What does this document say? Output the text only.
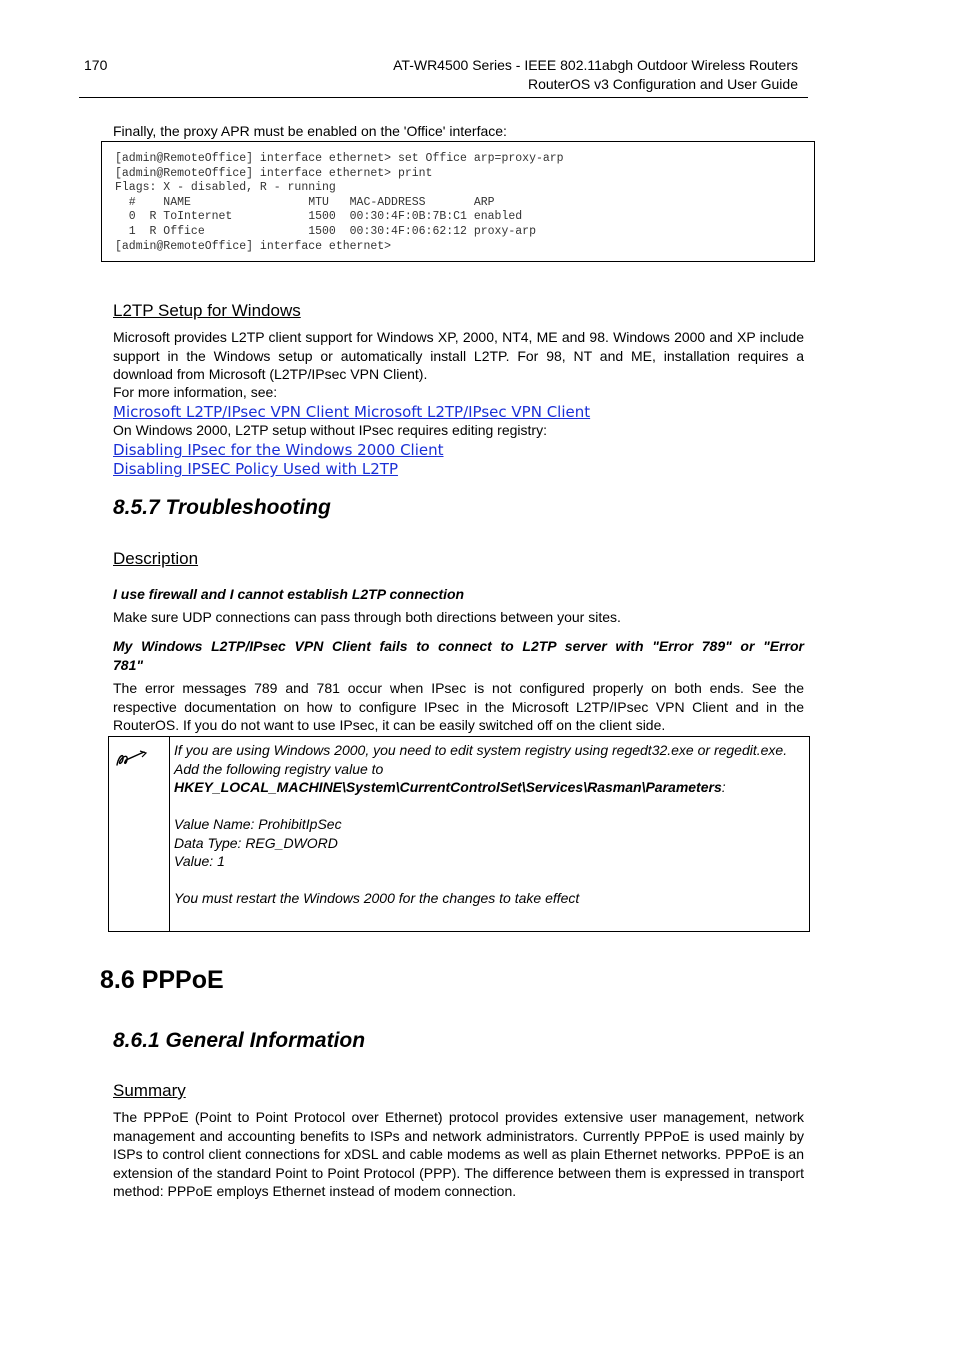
170	AT-WR4500 Series - IEEE 802.11abgh Outdoor Wireless Routers
RouterOS v3 Configuration and User Guide
Finally, the proxy APR must be enabled on the 'Office' interface:
[admin@RemoteOffice] interface ethernet> set Office arp=proxy-arp
[admin@RemoteOffice] interface ethernet> print
Flags: X - disabled, R - running
#    NAME                 MTU   MAC-ADDRESS       ARP
0  R ToInternet           1500  00:30:4F:0B:7B:C1 enabled
1  R Office               1500  00:30:4F:06:62:12 proxy-arp
[admin@RemoteOffice] interface ethernet>
L2TP Setup for Windows
Microsoft provides L2TP client support for Windows XP, 2000, NT4, ME and 98. Windows 2000 and XP include support in the Windows setup or automatically install L2TP. For 98, NT and ME, installation requires a download from Microsoft (L2TP/IPsec VPN Client).
For more information, see:
Microsoft L2TP/IPsec VPN Client Microsoft L2TP/IPsec VPN Client
On Windows 2000, L2TP setup without IPsec requires editing registry:
Disabling IPsec for the Windows 2000 Client
Disabling IPSEC Policy Used with L2TP
8.5.7 Troubleshooting
Description
I use firewall and I cannot establish L2TP connection
Make sure UDP connections can pass through both directions between your sites.
My Windows L2TP/IPsec VPN Client fails to connect to L2TP server with "Error 789" or "Error
781"
The error messages 789 and 781 occur when IPsec is not configured properly on both ends. See the respective documentation on how to configure IPsec in the Microsoft L2TP/IPsec VPN Client and in the RouterOS. If you do not want to use IPsec, it can be easily switched off on the client side.
If you are using Windows 2000, you need to edit system registry using regedt32.exe or regedit.exe.
Add the following registry value to
HKEY_LOCAL_MACHINE\System\CurrentControlSet\Services\Rasman\Parameters:
Value Name: ProhibitIpSec
Data Type: REG_DWORD
Value: 1
You must restart the Windows 2000 for the changes to take effect
8.6 PPPoE
8.6.1 General Information
Summary
The PPPoE (Point to Point Protocol over Ethernet) protocol provides extensive user management, network management and accounting benefits to ISPs and network administrators. Currently PPPoE is used mainly by ISPs to control client connections for xDSL and cable modems as well as plain Ethernet networks. PPPoE is an extension of the standard Point to Point Protocol (PPP). The difference between them is expressed in transport method: PPPoE employs Ethernet instead of modem connection.
